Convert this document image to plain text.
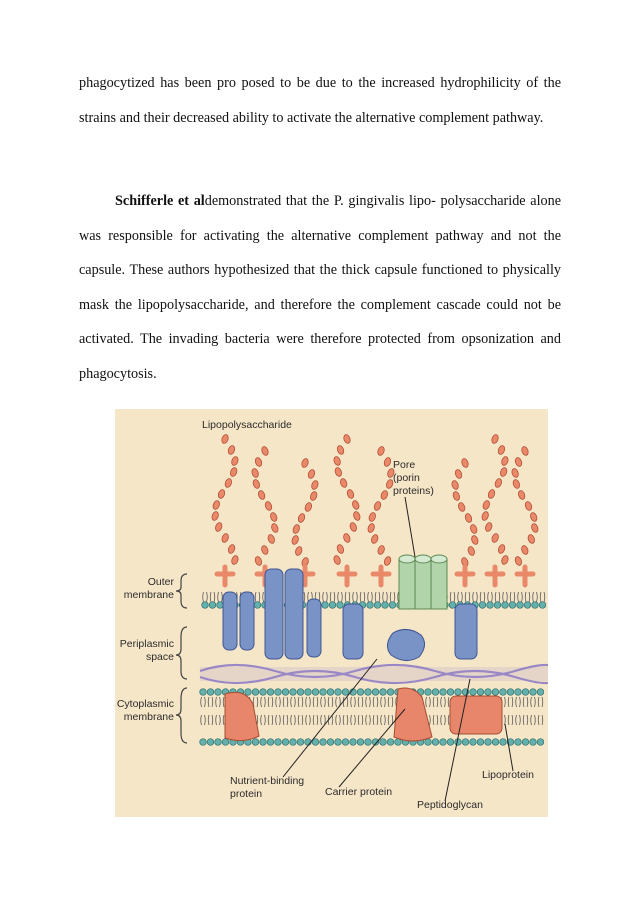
phagocytized has been pro posed to be due to the increased hydrophilicity of the strains and their decreased ability to activate the alternative complement pathway.

Schifferle et aldemonstrated that the P. gingivalis lipo- polysaccharide alone was responsible for activating the alternative complement pathway and not the capsule. These authors hypothesized that the thick capsule functioned to physically mask the lipopolysaccharide, and therefore the complement cascade could not be activated. The invading bacteria were therefore protected from opsonization and phagocytosis.

Lipopolysaccharide
Pore
(porin
proteins)
Outer
membrane
Periplasmic
space
Cytoplasmic
membrane
Nutrient-binding
protein	Carrier protein
Lipoprotein
Peptidoglycan
